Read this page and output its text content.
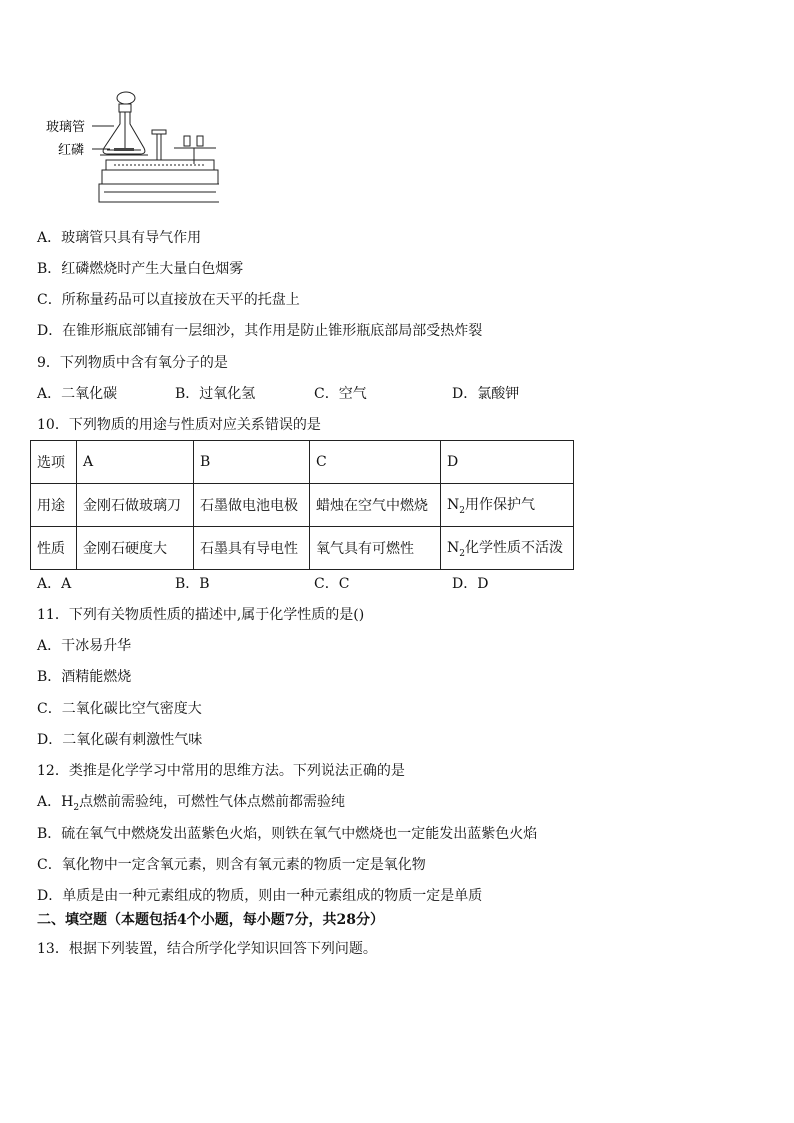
玻璃管
红磷
A．玻璃管只具有导气作用
B．红磷燃烧时产生大量白色烟雾
C．所称量药品可以直接放在天平的托盘上
D．在锥形瓶底部铺有一层细沙，其作用是防止锥形瓶底部局部受热炸裂
9．下列物质中含有氧分子的是
A．二氧化碳	B．过氧化氢	C．空气	D．氯酸钾
10．下列物质的用途与性质对应关系错误的是
选项	A	B	C	D
用途	金刚石做玻璃刀	石墨做电池电极	蜡烛在空气中燃烧	$N_2$用作保护气
性质	金刚石硬度大	石墨具有导电性	氧气具有可燃性	$N_2$化学性质不活泼
A．A	B．B	C．C	D．D
11．下列有关物质性质的描述中,属于化学性质的是()
A．干冰易升华
B．酒精能燃烧
C．二氧化碳比空气密度大
D．二氧化碳有刺激性气味
12．类推是化学学习中常用的思维方法。下列说法正确的是
A．$H_2$点燃前需验纯，可燃性气体点燃前都需验纯
B．硫在氧气中燃烧发出蓝紫色火焰，则铁在氧气中燃烧也一定能发出蓝紫色火焰
C．氧化物中一定含氧元素，则含有氧元素的物质一定是氧化物
D．单质是由一种元素组成的物质，则由一种元素组成的物质一定是单质
二、填空题（本题包括4个小题，每小题7分，共28分）
13．根据下列装置，结合所学化学知识回答下列问题。
